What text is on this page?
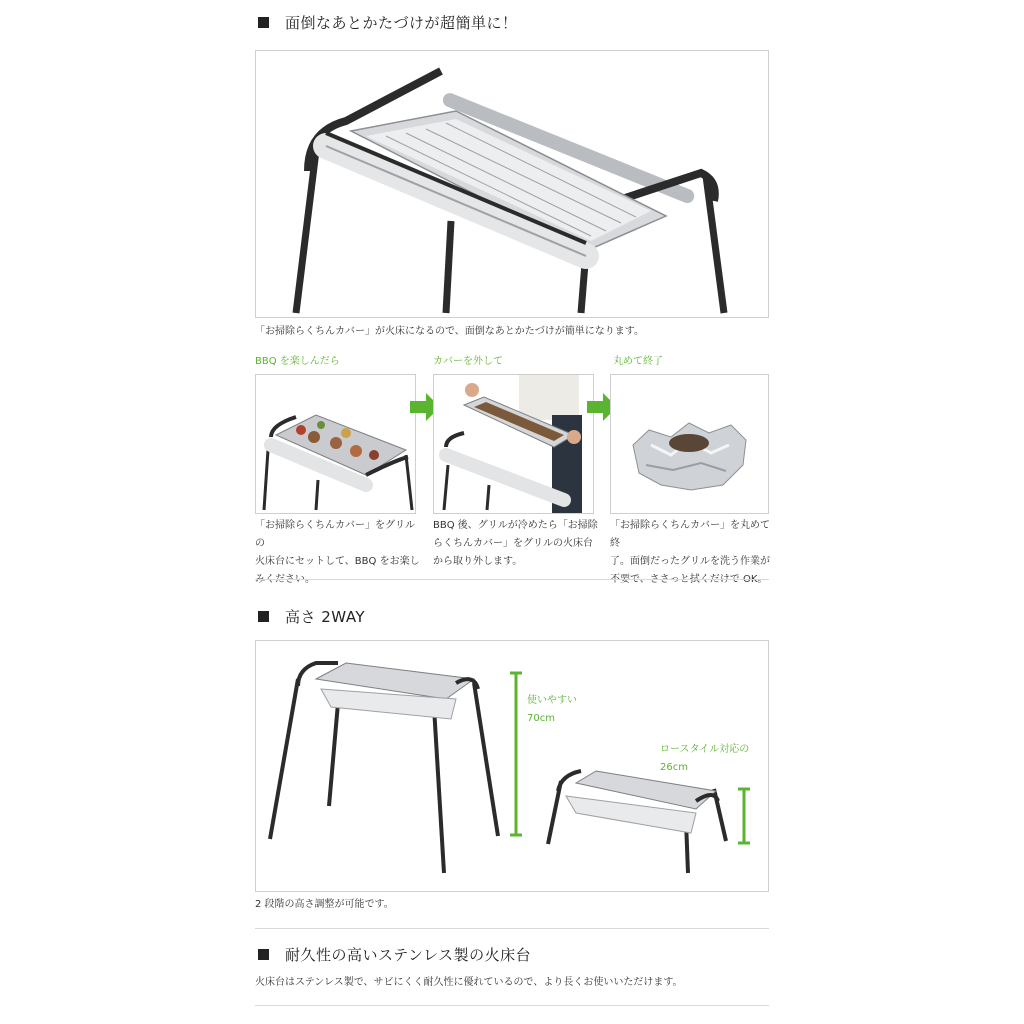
面倒なあとかたづけが超簡単に！
「お掃除らくちんカバー」が火床になるので、面倒なあとかたづけが簡単になります。
BBQ を楽しんだら	カバーを外して	丸めて終了
「お掃除らくちんカバー」をグリルの
火床台にセットして、BBQ をお楽し
BBQ 後、グリルが冷めたら「お掃除
らくちんカバー」をグリルの火床台
から取り外します。
「お掃除らくちんカバー」を丸めて終
了。面倒だったグリルを洗う作業が
高さ 2WAY
使いやすい
70cm
ロースタイル対応の
26cm
2 段階の高さ調整が可能です。
耐久性の高いステンレス製の火床台
火床台はステンレス製で、サビにくく耐久性に優れているので、より長くお使いいただけます。
